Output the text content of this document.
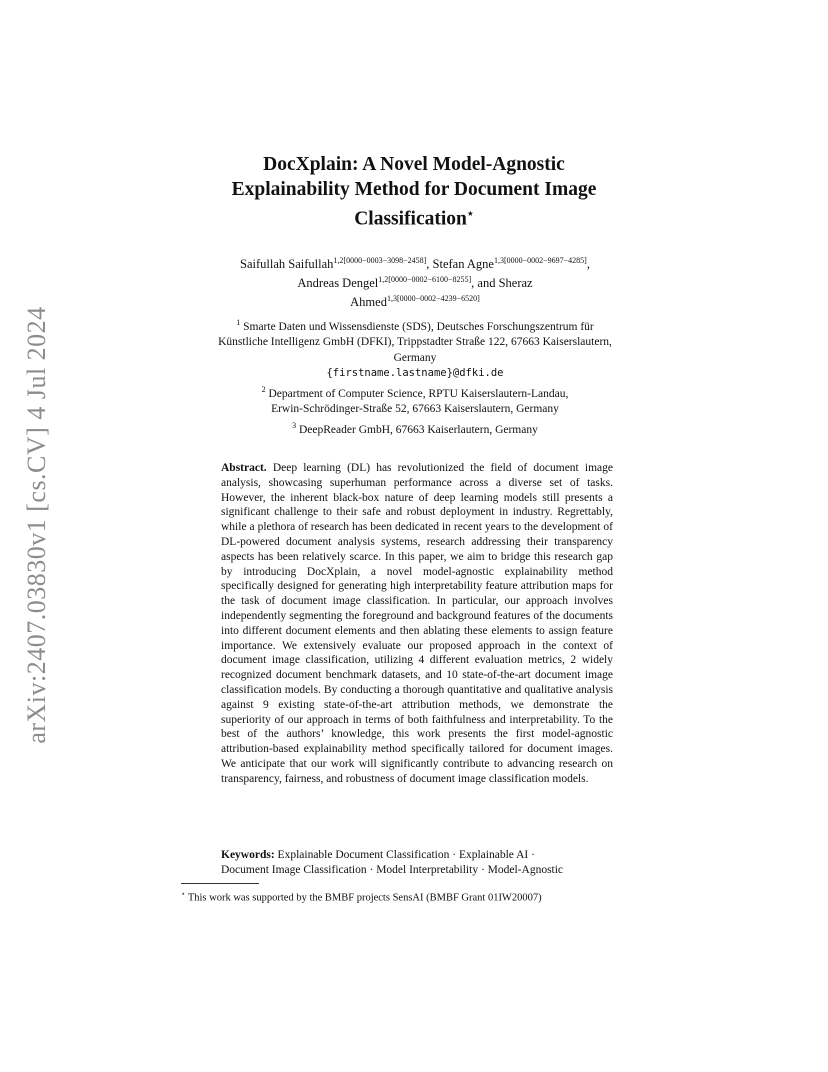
arXiv:2407.03830v1 [cs.CV] 4 Jul 2024
DocXplain: A Novel Model-Agnostic
Explainability Method for Document Image
Classification⋆
Saifullah Saifullah$^{1,2[0000-0003-3098-2458]}$, Stefan Agne$^{1,3[0000-0002-9697-4285]}$,
Andreas Dengel$^{1,2[0000-0002-6100-8255]}$, and Sheraz
Ahmed$^{1,3[0000-0002-4239-6520]}$
$^1$ Smarte Daten und Wissensdienste (SDS), Deutsches Forschungszentrum für
Künstliche Intelligenz GmbH (DFKI), Trippstadter Straße 122, 67663 Kaiserslautern,
Germany
{firstname.lastname}@dfki.de
$^2$ Department of Computer Science, RPTU Kaiserslautern-Landau,
Erwin-Schrödinger-Straße 52, 67663 Kaiserslautern, Germany
$^3$ DeepReader GmbH, 67663 Kaiserlautern, Germany

Abstract. Deep learning (DL) has revolutionized the field of document image analysis, showcasing superhuman performance across a diverse set of tasks. However, the inherent black-box nature of deep learning models still presents a significant challenge to their safe and robust deployment in industry. Regrettably, while a plethora of research has been dedicated in recent years to the development of DL-powered document analysis systems, research addressing their transparency aspects has been relatively scarce. In this paper, we aim to bridge this research gap by introducing DocXplain, a novel model-agnostic explainability method specifically designed for generating high interpretability feature attribution maps for the task of document image classification. In particular, our approach involves independently segmenting the foreground and background features of the documents into different document elements and then ablating these elements to assign feature importance. We extensively evaluate our proposed approach in the context of document image classification, utilizing 4 different evaluation metrics, 2 widely recognized document benchmark datasets, and 10 state-of-the-art document image classification models. By conducting a thorough quantitative and qualitative analysis against 9 existing state-of-the-art attribution methods, we demonstrate the superiority of our approach in terms of both faithfulness and interpretability. To the best of the authors’ knowledge, this work presents the first model-agnostic attribution-based explainability method specifically tailored for document images. We anticipate that our work will significantly contribute to advancing research on transparency, fairness, and robustness of document image classification models.

Keywords: Explainable Document Classification · Explainable AI ·
Document Image Classification · Model Interpretability · Model-Agnostic
⋆ This work was supported by the BMBF projects SensAI (BMBF Grant 01IW20007)
